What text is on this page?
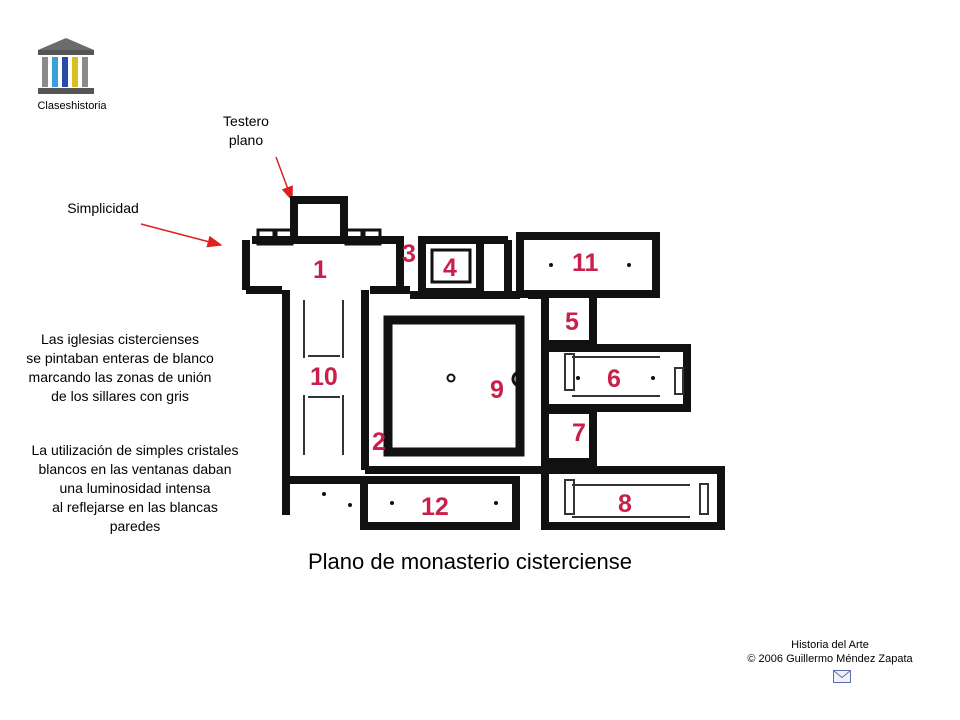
Claseshistoria
1
2
3 4
5
6
7
8
9
10
11
12
Testero
plano
Simplicidad
Las iglesias cistercienses
se pintaban enteras de blanco
marcando las zonas de unión
de los sillares con gris
La utilización de simples cristales
blancos en las ventanas daban
una luminosidad intensa
al reflejarse en las blancas
paredes
Plano de monasterio cisterciense
Historia del Arte
© 2006 Guillermo Méndez Zapata
